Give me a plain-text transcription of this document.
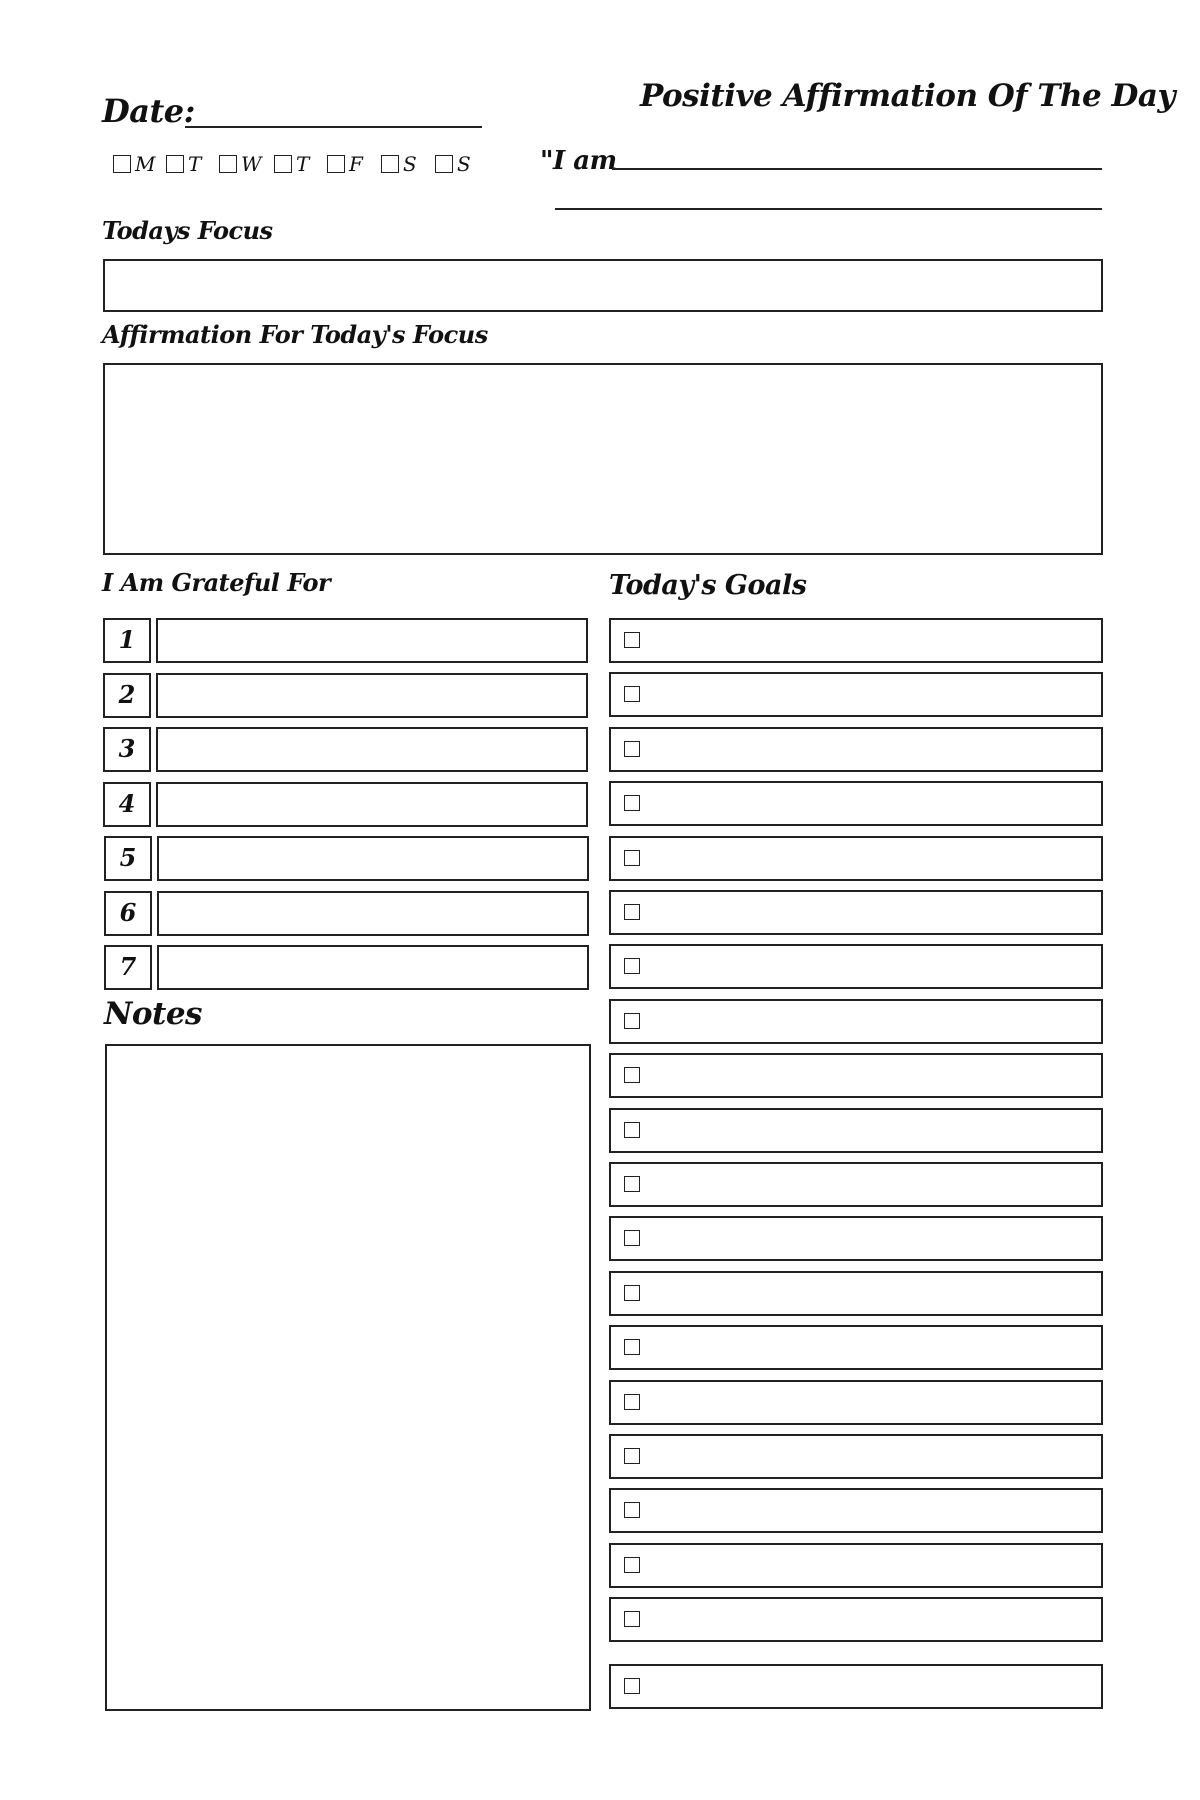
Date:	Positive Affirmation Of The Day
M T W T F S S	"I am
Todays Focus
Affirmation For Today's Focus
I Am Grateful For
1
2
3
4
5
6
7
Today's Goals
Notes
